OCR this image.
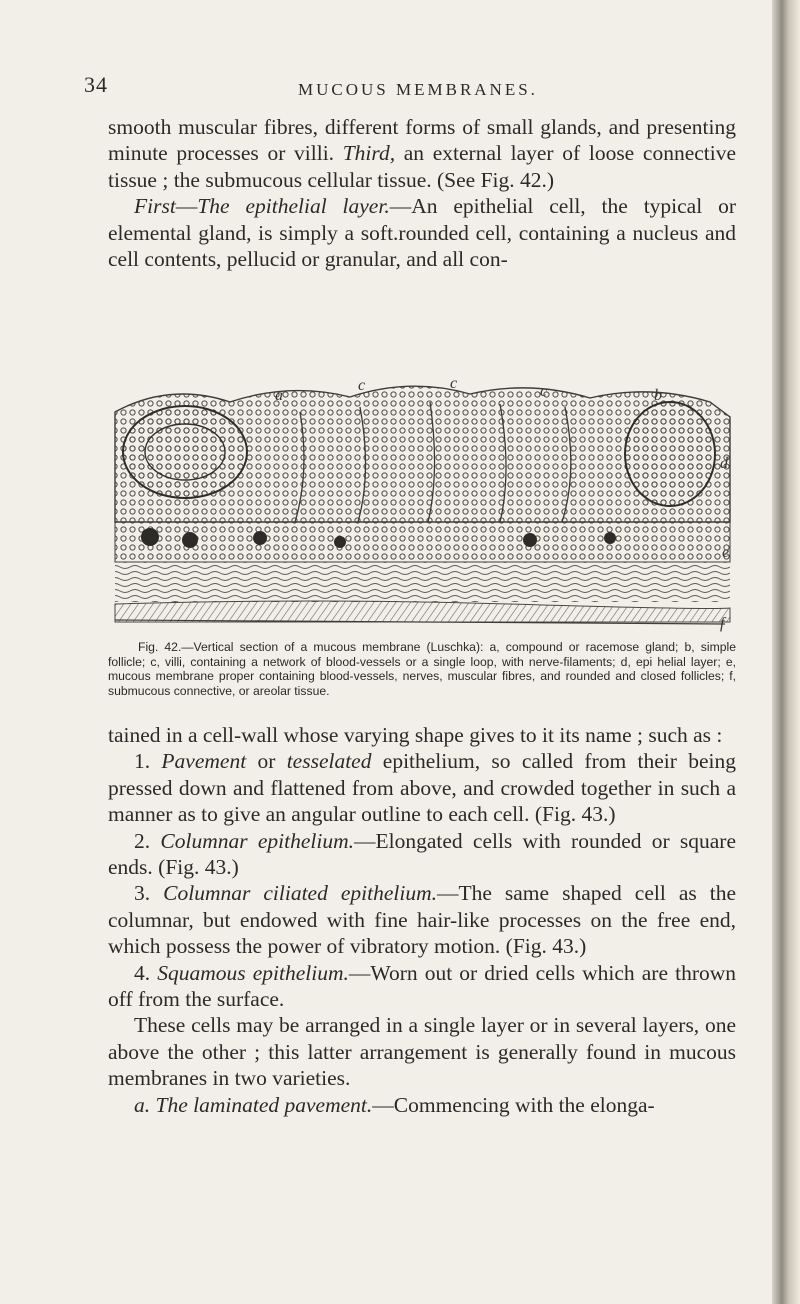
34	MUCOUS MEMBRANES.

smooth muscular fibres, different forms of small glands, and presenting minute processes or villi. Third, an external layer of loose connective tissue ; the submucous cellular tissue. (See Fig. 42.)

First—The epithelial layer.—An epithelial cell, the typical or elemental gland, is simply a soft.rounded cell, containing a nucleus and cell contents, pellucid or granular, and all con-

a
c	c	c	b
d
e
f

Fig. 42.—Vertical section of a mucous membrane (Luschka): a, compound or racemose gland; b, simple follicle; c, villi, containing a network of blood-vessels or a single loop, with nerve-filaments; d, epi helial layer; e, mucous membrane proper containing blood-vessels, nerves, muscular fibres, and rounded and closed follicles; f, submucous connective, or areolar tissue.

tained in a cell-wall whose varying shape gives to it its name ; such as :

1. Pavement or tesselated epithelium, so called from their being pressed down and flattened from above, and crowded together in such a manner as to give an angular outline to each cell. (Fig. 43.)

2. Columnar epithelium.—Elongated cells with rounded or square ends. (Fig. 43.)

3. Columnar ciliated epithelium.—The same shaped cell as the columnar, but endowed with fine hair-like processes on the free end, which possess the power of vibratory motion. (Fig. 43.)

4. Squamous epithelium.—Worn out or dried cells which are thrown off from the surface.

These cells may be arranged in a single layer or in several layers, one above the other ; this latter arrangement is generally found in mucous membranes in two varieties.

a. The laminated pavement.—Commencing with the elonga-
